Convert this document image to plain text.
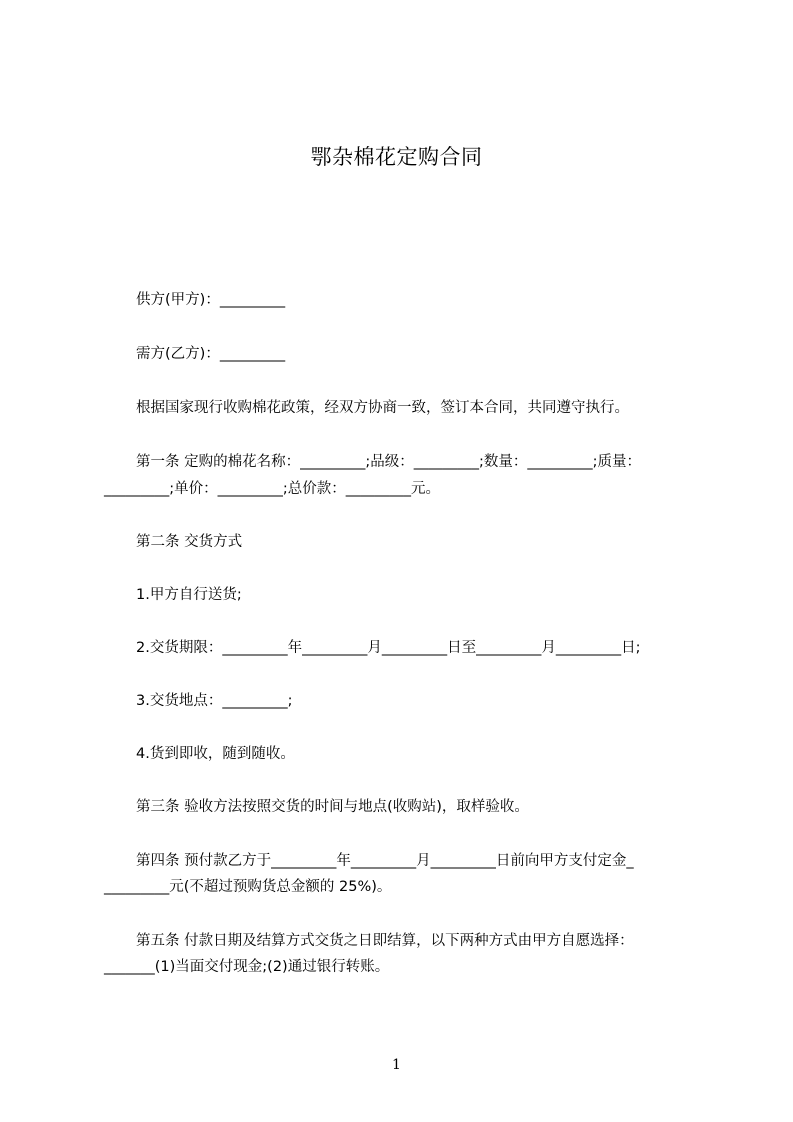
鄂杂棉花定购合同
供方(甲方)：_________
需方(乙方)：_________
根据国家现行收购棉花政策，经双方协商一致，签订本合同，共同遵守执行。
第一条 定购的棉花名称：_________;品级：_________;数量：_________;质量：
_________;单价：_________;总价款：_________元。
第二条 交货方式
1.甲方自行送货;
2.交货期限：_________年_________月_________日至_________月_________日;
3.交货地点：_________;
4.货到即收，随到随收。
第三条 验收方法按照交货的时间与地点(收购站)，取样验收。
第四条 预付款乙方于_________年_________月_________日前向甲方支付定金_
_________元(不超过预购货总金额的 25%)。
第五条 付款日期及结算方式交货之日即结算，以下两种方式由甲方自愿选择：
_______(1)当面交付现金;(2)通过银行转账。
1
